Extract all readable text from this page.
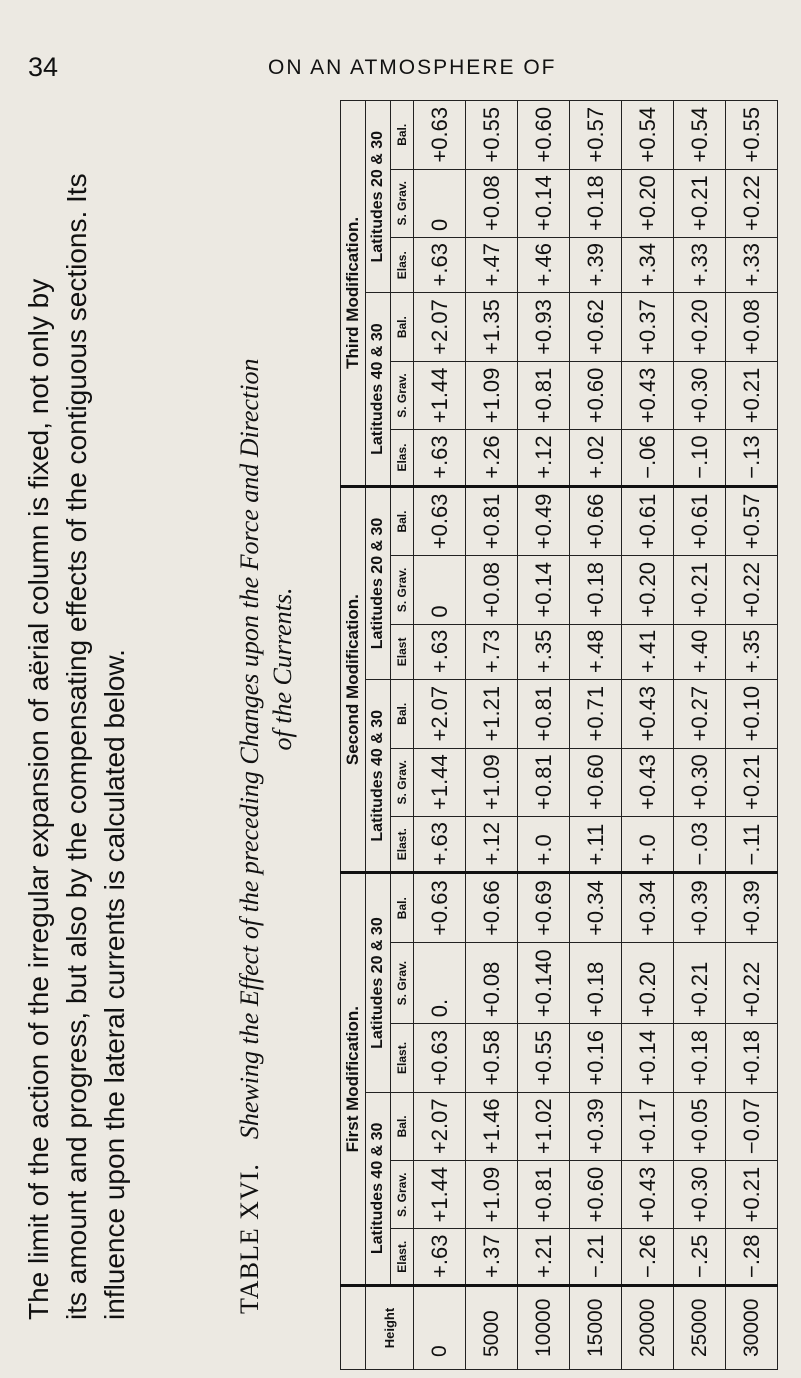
34	ON AN ATMOSPHERE OF
The limit of the action of the irregular expansion of aërial column is fixed, not only by its amount and progress, but also by the compensating effects of the contiguous sections. Its influence upon the lateral currents is calculated below.	TABLE XVI.Shewing the Effect of the preceding Changes upon the Force and Direction of the Currents.
	First Modification.						Second Modification.						Third Modification.					
Height	Latitudes 40 & 30			Latitudes 20 & 30			Latitudes 40 & 30			Latitudes 20 & 30			Latitudes 40 & 30			Latitudes 20 & 30		
	Elast.	S. Grav.	Bal.	Elast.	S. Grav.	Bal.	Elast.	S. Grav.	Bal.	Elast	S. Grav.	Bal.	Elas.	S. Grav.	Bal.	Elas.	S. Grav.	Bal.
0	+.63	+1.44	+2.07	+0.63	0.	+0.63	+.63	+1.44	+2.07	+.63	0	+0.63	+.63	+1.44	+2.07	+.63	0	+0.63
5000	+.37	+1.09	+1.46	+0.58	+0.08	+0.66	+.12	+1.09	+1.21	+.73	+0.08	+0.81	+.26	+1.09	+1.35	+.47	+0.08	+0.55
10000	+.21	+0.81	+1.02	+0.55	+0.140	+0.69	+.0	+0.81	+0.81	+.35	+0.14	+0.49	+.12	+0.81	+0.93	+.46	+0.14	+0.60
15000	−.21	+0.60	+0.39	+0.16	+0.18	+0.34	+.11	+0.60	+0.71	+.48	+0.18	+0.66	+.02	+0.60	+0.62	+.39	+0.18	+0.57
20000	−.26	+0.43	+0.17	+0.14	+0.20	+0.34	+.0	+0.43	+0.43	+.41	+0.20	+0.61	−.06	+0.43	+0.37	+.34	+0.20	+0.54
25000	−.25	+0.30	+0.05	+0.18	+0.21	+0.39	−.03	+0.30	+0.27	+.40	+0.21	+0.61	−.10	+0.30	+0.20	+.33	+0.21	+0.54
30000	−.28	+0.21	−0.07	+0.18	+0.22	+0.39	−.11	+0.21	+0.10	+.35	+0.22	+0.57	−.13	+0.21	+0.08	+.33	+0.22	+0.55
